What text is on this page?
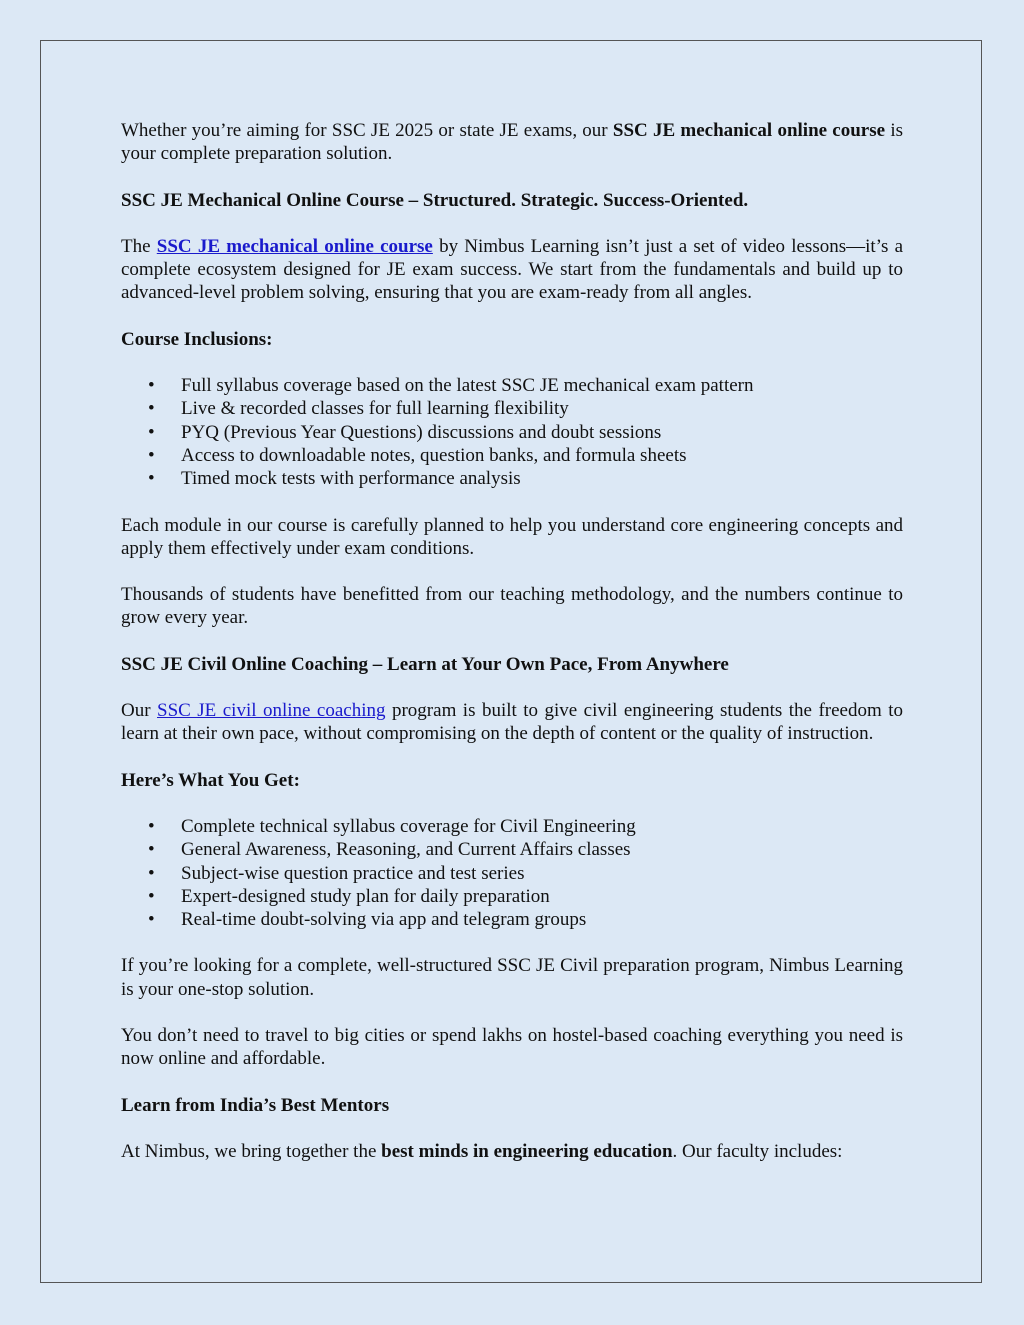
Whether you’re aiming for SSC JE 2025 or state JE exams, our SSC JE mechanical online course is your complete preparation solution.

SSC JE Mechanical Online Course – Structured. Strategic. Success-Oriented.

The SSC JE mechanical online course by Nimbus Learning isn’t just a set of video lessons—it’s a complete ecosystem designed for JE exam success. We start from the fundamentals and build up to advanced-level problem solving, ensuring that you are exam-ready from all angles.

Course Inclusions:

• Full syllabus coverage based on the latest SSC JE mechanical exam pattern
• Live & recorded classes for full learning flexibility
• PYQ (Previous Year Questions) discussions and doubt sessions
• Access to downloadable notes, question banks, and formula sheets
• Timed mock tests with performance analysis

Each module in our course is carefully planned to help you understand core engineering concepts and apply them effectively under exam conditions.

Thousands of students have benefitted from our teaching methodology, and the numbers continue to grow every year.

SSC JE Civil Online Coaching – Learn at Your Own Pace, From Anywhere

Our SSC JE civil online coaching program is built to give civil engineering students the freedom to learn at their own pace, without compromising on the depth of content or the quality of instruction.

Here’s What You Get:

• Complete technical syllabus coverage for Civil Engineering
• General Awareness, Reasoning, and Current Affairs classes
• Subject-wise question practice and test series
• Expert-designed study plan for daily preparation
• Real-time doubt-solving via app and telegram groups

If you’re looking for a complete, well-structured SSC JE Civil preparation program, Nimbus Learning is your one-stop solution.

You don’t need to travel to big cities or spend lakhs on hostel-based coaching everything you need is now online and affordable.

Learn from India’s Best Mentors

At Nimbus, we bring together the best minds in engineering education. Our faculty includes:
